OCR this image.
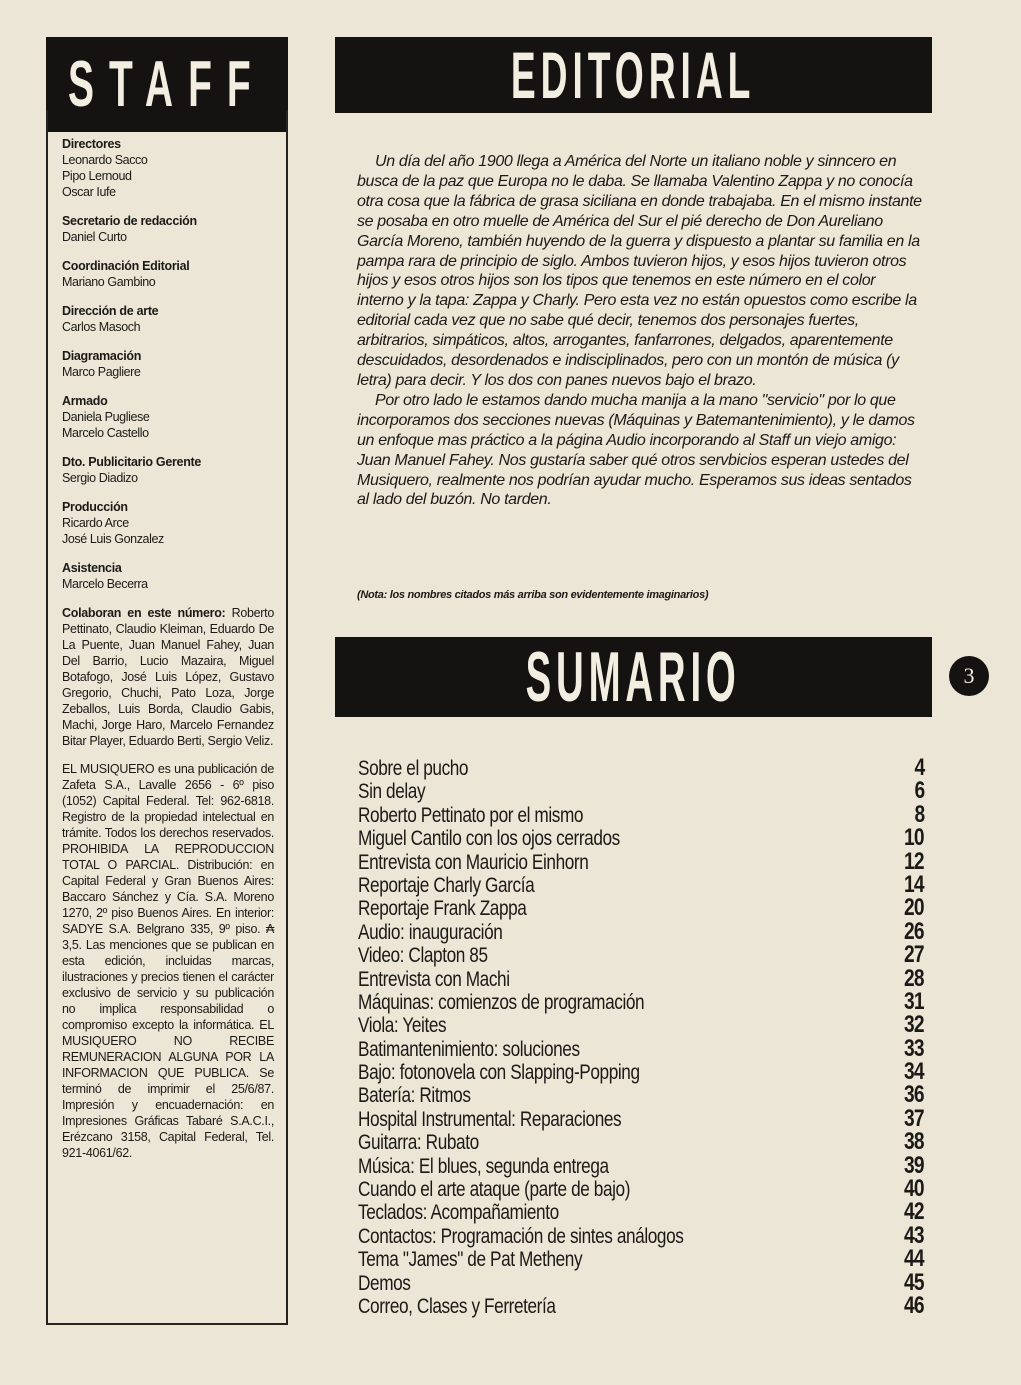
STAFF
Directores
Leonardo Sacco
Pipo Lernoud
Oscar Iufe
Secretario de redacción
Daniel Curto
Coordinación Editorial
Mariano Gambino
Dirección de arte
Carlos Masoch
Diagramación
Marco Pagliere
Armado
Daniela Pugliese
Marcelo Castello
Dto. Publicitario Gerente
Sergio Diadizo
Producción
Ricardo Arce
José Luis Gonzalez
Asistencia
Marcelo Becerra
Colaboran en este número: Roberto Pettinato, Claudio Kleiman, Eduardo De La Puente, Juan Manuel Fahey, Juan Del Barrio, Lucio Mazaira, Miguel Botafogo, José Luis López, Gustavo Gregorio, Chuchi, Pato Loza, Jorge Zeballos, Luis Borda, Claudio Gabis, Machi, Jorge Haro, Marcelo Fernandez Bitar Player, Eduardo Berti, Sergio Veliz.
EL MUSIQUERO es una publicación de Zafeta S.A., Lavalle 2656 - 6º piso (1052) Capital Federal. Tel: 962-6818. Registro de la propiedad intelectual en trámite. Todos los derechos reservados. PROHIBIDA LA REPRODUCCION TOTAL O PARCIAL. Distribución: en Capital Federal y Gran Buenos Aires: Baccaro Sánchez y Cía. S.A. Moreno 1270, 2º piso Buenos Aires. En interior: SADYE S.A. Belgrano 335, 9º piso. ₳ 3,5. Las menciones que se publican en esta edición, incluidas marcas, ilustraciones y precios tienen el carácter exclusivo de servicio y su publicación no implica responsabilidad o compromiso excepto la informática. EL MUSIQUERO NO RECIBE REMUNERACION ALGUNA POR LA INFORMACION QUE PUBLICA. Se terminó de imprimir el 25/6/87. Impresión y encuadernación: en Impresiones Gráficas Tabaré S.A.C.I., Erézcano 3158, Capital Federal, Tel. 921-4061/62.
EDITORIAL

Un día del año 1900 llega a América del Norte un italiano noble y sinncero en busca de la paz que Europa no le daba. Se llamaba Valentino Zappa y no conocía otra cosa que la fábrica de grasa siciliana en donde trabajaba. En el mismo instante se posaba en otro muelle de América del Sur el pié derecho de Don Aureliano García Moreno, también huyendo de la guerra y dispuesto a plantar su familia en la pampa rara de principio de siglo. Ambos tuvieron hijos, y esos hijos tuvieron otros hijos y esos otros hijos son los tipos que tenemos en este número en el color interno y la tapa: Zappa y Charly. Pero esta vez no están opuestos como escribe la editorial cada vez que no sabe qué decir, tenemos dos personajes fuertes, arbitrarios, simpáticos, altos, arrogantes, fanfarrones, delgados, aparentemente descuidados, desordenados e indisciplinados, pero con un montón de música (y letra) para decir. Y los dos con panes nuevos bajo el brazo.

Por otro lado le estamos dando mucha manija a la mano "servicio" por lo que incorporamos dos secciones nuevas (Máquinas y Batemantenimiento), y le damos un enfoque mas práctico a la página Audio incorporando al Staff un viejo amigo: Juan Manuel Fahey. Nos gustaría saber qué otros servbicios esperan ustedes del Musiquero, realmente nos podrían ayudar mucho. Esperamos sus ideas sentados al lado del buzón. No tarden.

(Nota: los nombres citados más arriba son evidentemente imaginarios)
SUMARIO	3
Sobre el pucho	4
Sin delay	6
Roberto Pettinato por el mismo	8
Miguel Cantilo con los ojos cerrados	10
Entrevista con Mauricio Einhorn	12
Reportaje Charly García	14
Reportaje Frank Zappa	20
Audio: inauguración	26
Video: Clapton 85	27
Entrevista con Machi	28
Máquinas: comienzos de programación	31
Viola: Yeites	32
Batimantenimiento: soluciones	33
Bajo: fotonovela con Slapping-Popping	34
Batería: Ritmos	36
Hospital Instrumental: Reparaciones	37
Guitarra: Rubato	38
Música: El blues, segunda entrega	39
Cuando el arte ataque (parte de bajo)	40
Teclados: Acompañamiento	42
Contactos: Programación de sintes análogos	43
Tema "James" de Pat Metheny	44
Demos	45
Correo, Clases y Ferretería	46
